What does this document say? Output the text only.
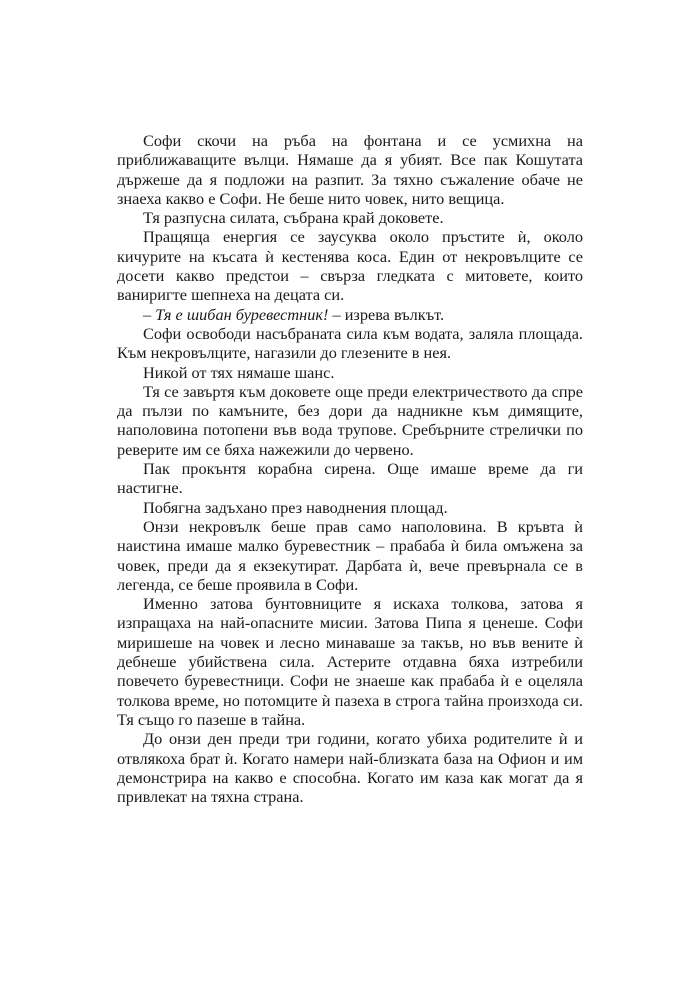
Софи скочи на ръба на фонтана и се усмихна на приближаващите вълци. Нямаше да я убият. Все пак Кошутата държеше да я подложи на разпит. За тяхно съжаление обаче не знаеха какво е Софи. Не беше нито човек, нито вещица.

Тя разпусна силата, събрана край доковете.

Пращяща енергия се заусуква около пръстите ѝ, около кичурите на късата ѝ кестенява коса. Един от некровълците се досети какво предстои – свърза гледката с митовете, които ваниригте шепнеха на децата си.

– Тя е шибан буревестник! – изрева вълкът.

Софи освободи насъбраната сила към водата, заляла площада. Към некровълците, нагазили до глезените в нея.

Никой от тях нямаше шанс.

Тя се завъртя към доковете още преди електричеството да спре да пълзи по камъните, без дори да надникне към димящите, наполовина потопени във вода трупове. Сребърните стрелички по реверите им се бяха нажежили до червено.

Пак прокънтя корабна сирена. Още имаше време да ги настигне.

Побягна задъхано през наводнения площад.

Онзи некровълк беше прав само наполовина. В кръвта ѝ наистина имаше малко буревестник – прабаба ѝ била омъжена за човек, преди да я екзекутират. Дарбата ѝ, вече превърнала се в легенда, се беше проявила в Софи.

Именно затова бунтовниците я искаха толкова, затова я изпращаха на най-опасните мисии. Затова Пипа я ценеше. Софи миришеше на човек и лесно минаваше за такъв, но във вените ѝ дебнеше убийствена сила. Астерите отдавна бяха изтребили повечето буревестници. Софи не знаеше как прабаба ѝ е оцеляла толкова време, но потомците ѝ пазеха в строга тайна произхода си. Тя също го пазеше в тайна.

До онзи ден преди три години, когато убиха родителите ѝ и отвлякоха брат ѝ. Когато намери най-близката база на Офион и им демонстрира на какво е способна. Когато им каза как могат да я привлекат на тяхна страна.
